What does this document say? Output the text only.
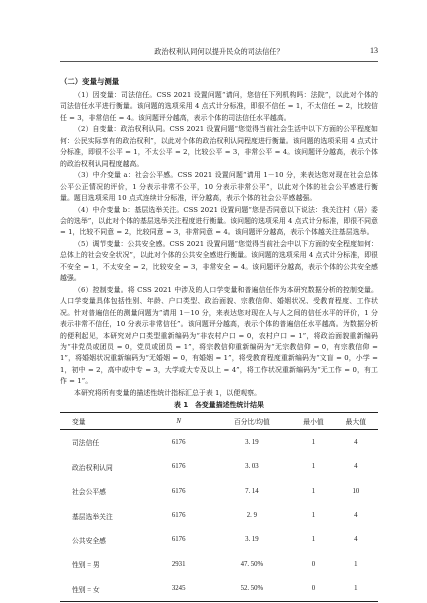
政治权利认同何以提升民众的司法信任？	13
（二）变量与测量

（1）因变量：司法信任。CSS 2021 设置问题“请问，您信任下列机构吗：法院”，以此对个体的司法信任水平进行衡量。该问题的选项采用 4 点式计分标准，即很不信任 = 1，不太信任 = 2，比较信任 = 3，非常信任 = 4。该问题评分越高，表示个体的司法信任水平越高。

（2）自变量：政治权利认同。CSS 2021 设置问题“您觉得当前社会生活中以下方面的公平程度如何：公民实际享有的政治权利”，以此对个体的政治权利认同程度进行衡量。该问题的选项采用 4 点式计分标准，即很不公平 = 1，不太公平 = 2，比较公平 = 3，非常公平 = 4。该问题评分越高，表示个体的政治权利认同程度越高。

（3）中介变量 a：社会公平感。CSS 2021 设置问题“请用 1－10 分，来表达您对现在社会总体公平公正情况的评价，1 分表示非常不公平，10 分表示非常公平”，以此对个体的社会公平感进行衡量。题目选项采用 10 点式连续计分标准，评分越高，表示个体的社会公平感越强。

（4）中介变量 b：基层选举关注。CSS 2021 设置问题“您是否同意以下说法：我关注村（居）委会的选举”，以此对个体的基层选举关注程度进行衡量。该问题的选项采用 4 点式计分标准，即很不同意 = 1，比较不同意 = 2，比较同意 = 3，非常同意 = 4。该问题评分越高，表示个体越关注基层选举。

（5）调节变量：公共安全感。CSS 2021 设置问题“您觉得当前社会中以下方面的安全程度如何：总体上的社会安全状况”，以此对个体的公共安全感进行衡量。该问题的选项采用 4 点式计分标准，即很不安全 = 1，不太安全 = 2，比较安全 = 3，非常安全 = 4。该问题评分越高，表示个体的公共安全感越强。

（6）控制变量。将 CSS 2021 中涉及的人口学变量和普遍信任作为本研究数据分析的控制变量。人口学变量具体包括性别、年龄、户口类型、政治面貌、宗教信仰、婚姻状况、受教育程度、工作状况。针对普遍信任的测量问题为“请用 1－10 分，来表达您对现在人与人之间的信任水平的评价，1 分表示非常不信任，10 分表示非常信任”。该问题评分越高，表示个体的普遍信任水平越高。为数据分析的便利起见，本研究对户口类型重新编码为“非农村户口 = 0，农村户口 = 1”，将政治面貌重新编码为“非党员或团员 = 0，党员或团员 = 1”，将宗教信仰重新编码为“无宗教信仰 = 0，有宗教信仰 = 1”，将婚姻状况重新编码为“无婚姻 = 0，有婚姻 = 1”，将受教育程度重新编码为“文盲 = 0，小学 = 1，初中 = 2，高中或中专 = 3，大学或大专及以上 = 4”，将工作状况重新编码为“无工作 = 0，有工作 = 1”。

本研究将所有变量的描述性统计指标汇总于表 1，以便观察。

表 1　各变量描述性统计结果
变量	N	百分比/均值	最小值	最大值
司法信任	6176	3. 19	1	4
政治权利认同	6176	3. 03	1	4
社会公平感	6176	7. 14	1	10
基层选举关注	6176	2. 9	1	4
公共安全感	6176	3. 19	1	4
性别 = 男	2931	47. 50%	0	1
性别 = 女	3245	52. 50%	0	1
